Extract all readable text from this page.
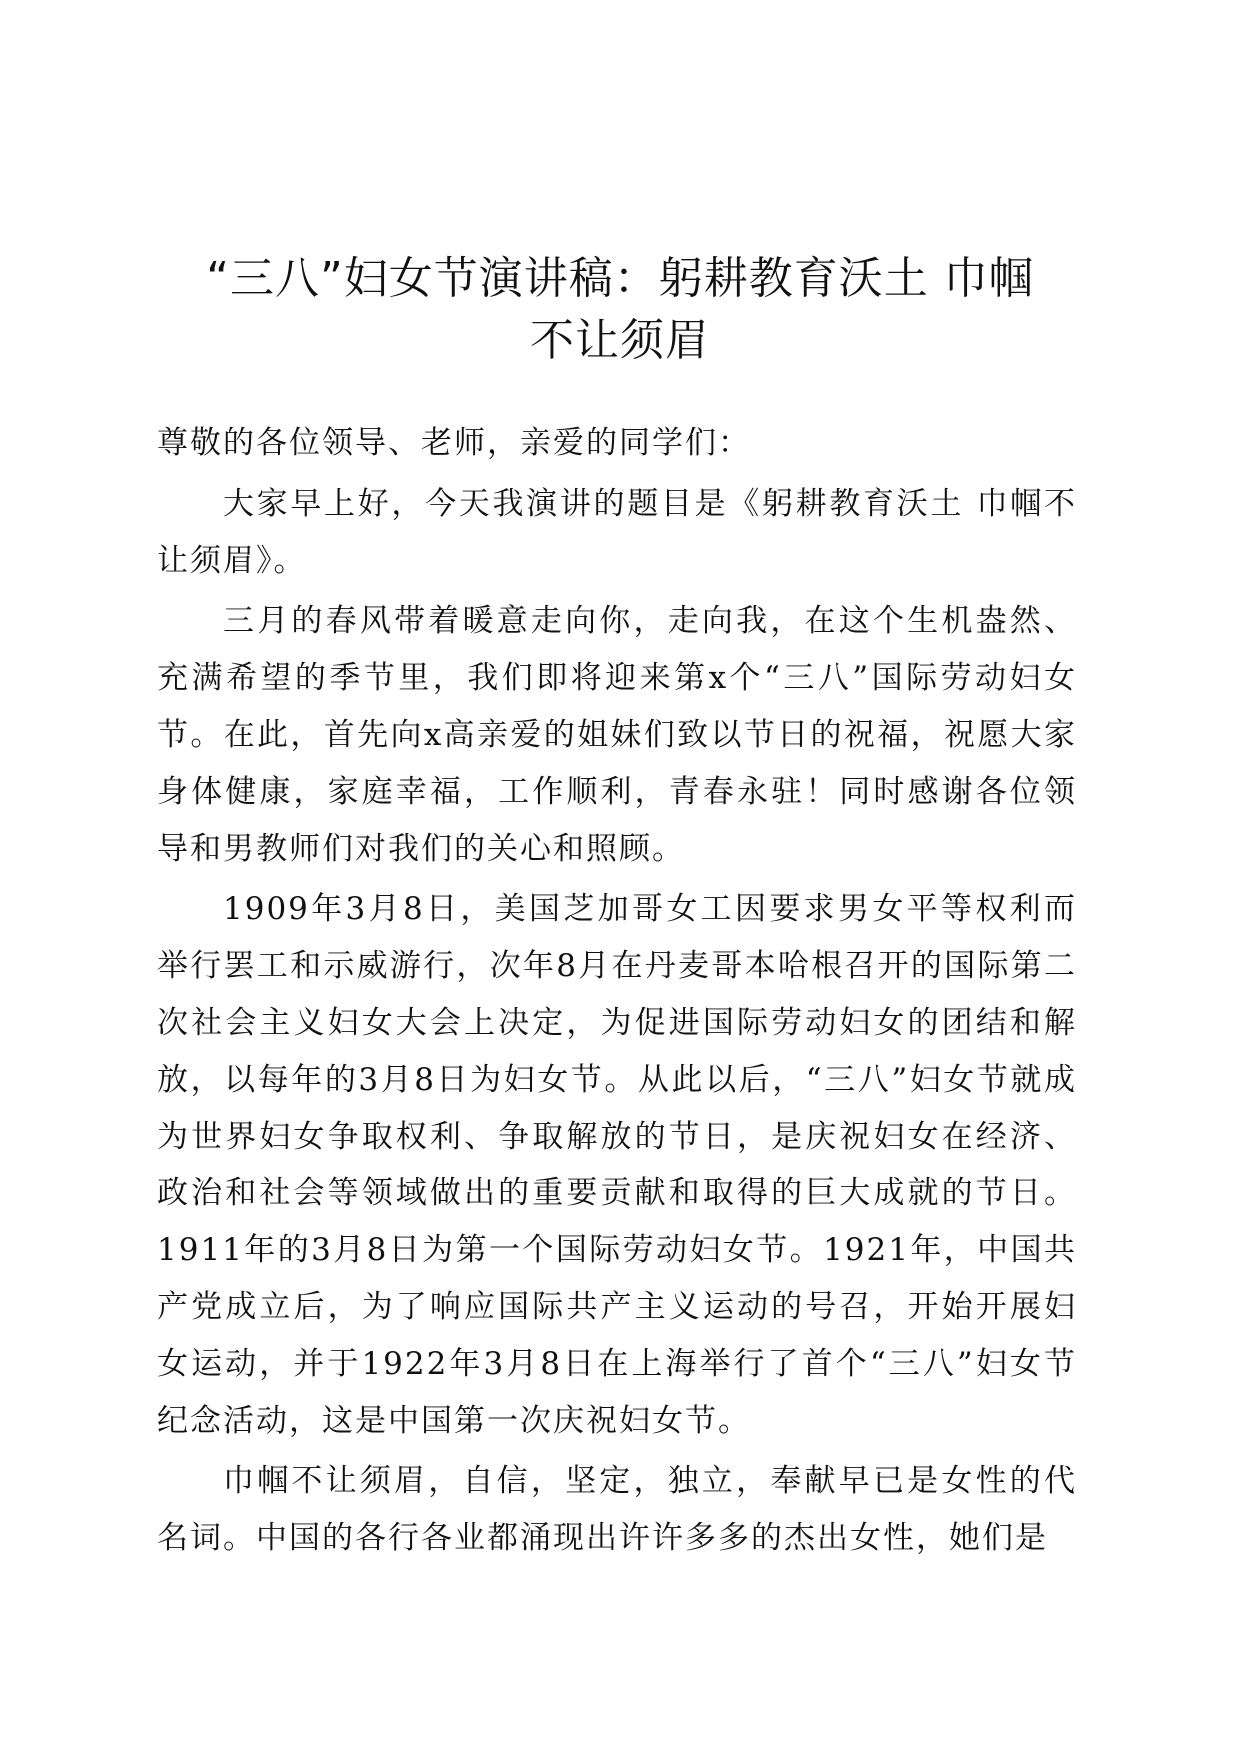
“三八”妇女节演讲稿：躬耕教育沃土 巾帼
不让须眉

尊敬的各位领导、老师，亲爱的同学们：

大家早上好，今天我演讲的题目是《躬耕教育沃土 巾帼不让须眉》。

三月的春风带着暖意走向你，走向我，在这个生机盎然、充满希望的季节里，我们即将迎来第x个“三八”国际劳动妇女节。在此，首先向x高亲爱的姐妹们致以节日的祝福，祝愿大家身体健康，家庭幸福，工作顺利，青春永驻！同时感谢各位领导和男教师们对我们的关心和照顾。

1909年3月8日，美国芝加哥女工因要求男女平等权利而举行罢工和示威游行，次年8月在丹麦哥本哈根召开的国际第二次社会主义妇女大会上决定，为促进国际劳动妇女的团结和解放，以每年的3月8日为妇女节。从此以后，“三八”妇女节就成为世界妇女争取权利、争取解放的节日，是庆祝妇女在经济、政治和社会等领域做出的重要贡献和取得的巨大成就的节日。1911年的3月8日为第一个国际劳动妇女节。1921年，中国共产党成立后，为了响应国际共产主义运动的号召，开始开展妇女运动，并于1922年3月8日在上海举行了首个“三八”妇女节纪念活动，这是中国第一次庆祝妇女节。

巾帼不让须眉，自信，坚定，独立，奉献早已是女性的代名词。中国的各行各业都涌现出许许多多的杰出女性，她们是
